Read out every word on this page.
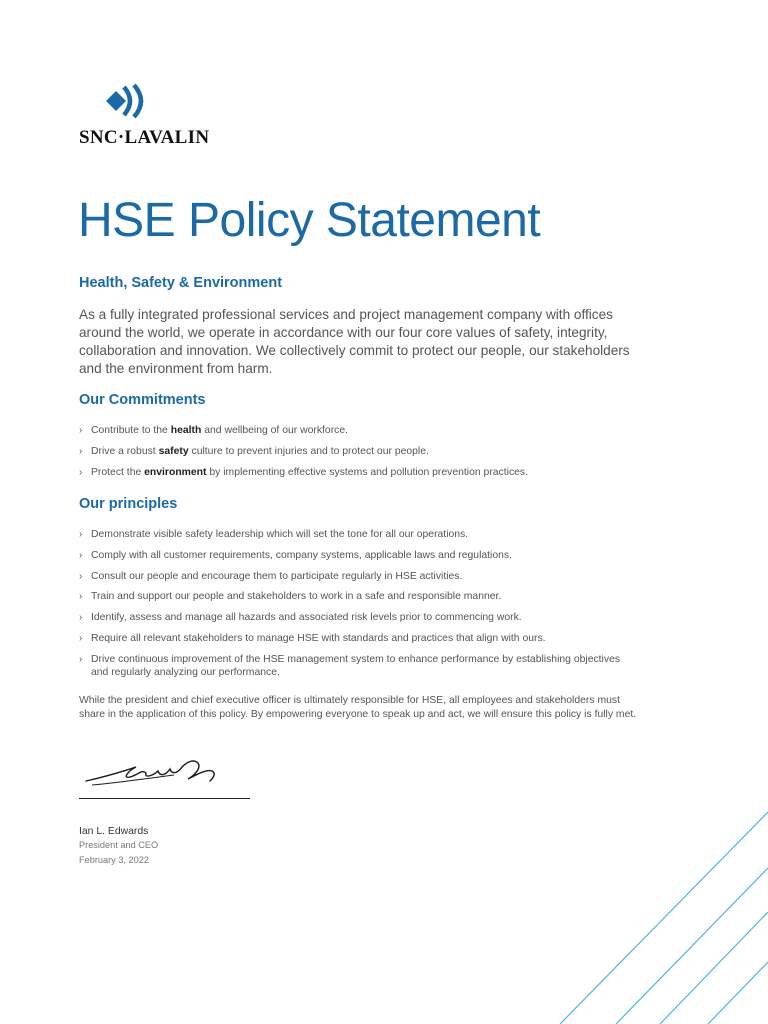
SNC·LAVALIN
HSE Policy Statement
Health, Safety & Environment

As a fully integrated professional services and project management company with offices around the world, we operate in accordance with our four core values of safety, integrity, collaboration and innovation. We collectively commit to protect our people, our stakeholders and the environment from harm.

Our Commitments
› Contribute to the health and wellbeing of our workforce.
› Drive a robust safety culture to prevent injuries and to protect our people.
› Protect the environment by implementing effective systems and pollution prevention practices.
Our principles
› Demonstrate visible safety leadership which will set the tone for all our operations.
› Comply with all customer requirements, company systems, applicable laws and regulations.
› Consult our people and encourage them to participate regularly in HSE activities.
› Train and support our people and stakeholders to work in a safe and responsible manner.
› Identify, assess and manage all hazards and associated risk levels prior to commencing work.
› Require all relevant stakeholders to manage HSE with standards and practices that align with ours.
› Drive continuous improvement of the HSE management system to enhance performance by establishing objectives and regularly analyzing our performance.

While the president and chief executive officer is ultimately responsible for HSE, all employees and stakeholders must share in the application of this policy. By empowering everyone to speak up and act, we will ensure this policy is fully met.

Ian L. Edwards

President and CEO

February 3, 2022
